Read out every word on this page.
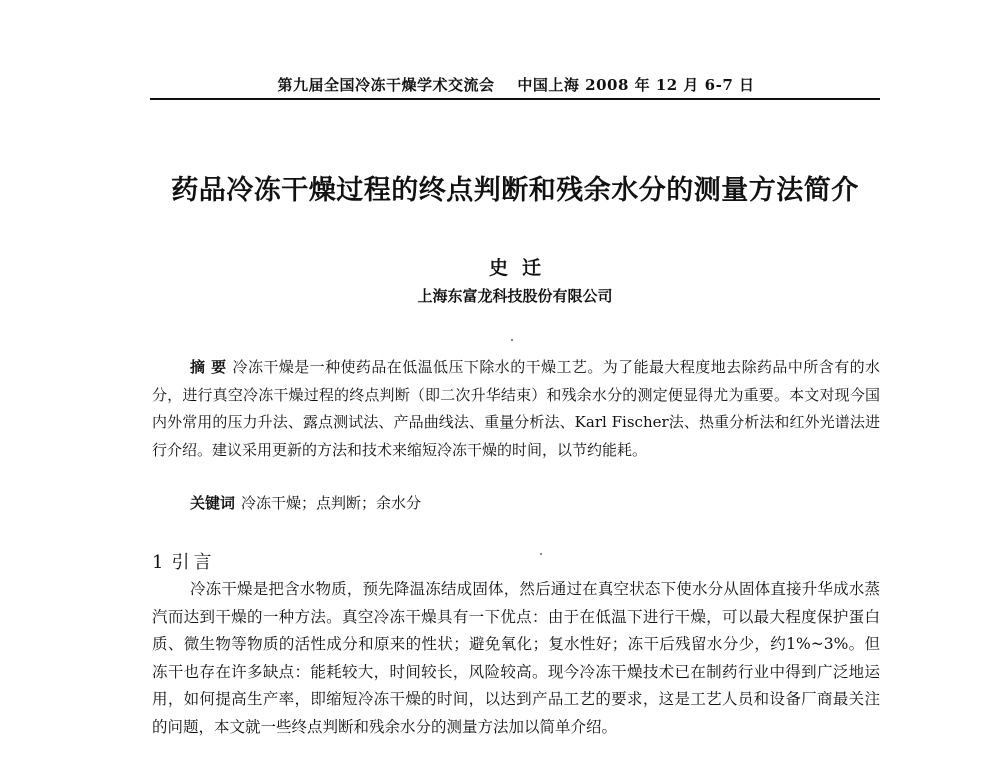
第九届全国冷冻干燥学术交流会 中国上海 2008 年 12 月 6-7 日
药品冷冻干燥过程的终点判断和残余水分的测量方法简介
史迁
上海东富龙科技股份有限公司

摘 要 冷冻干燥是一种使药品在低温低压下除水的干燥工艺。为了能最大程度地去除药品中所含有的水分，进行真空冷冻干燥过程的终点判断（即二次升华结束）和残余水分的测定便显得尤为重要。本文对现今国内外常用的压力升法、露点测试法、产品曲线法、重量分析法、Karl Fischer法、热重分析法和红外光谱法进行介绍。建议采用更新的方法和技术来缩短冷冻干燥的时间，以节约能耗。

关键词 冷冻干燥；点判断；余水分

1 引言

冷冻干燥是把含水物质，预先降温冻结成固体，然后通过在真空状态下使水分从固体直接升华成水蒸汽而达到干燥的一种方法。真空冷冻干燥具有一下优点：由于在低温下进行干燥，可以最大程度保护蛋白质、微生物等物质的活性成分和原来的性状；避免氧化；复水性好；冻干后残留水分少，约1%~3%。但冻干也存在许多缺点：能耗较大，时间较长，风险较高。现今冷冻干燥技术已在制药行业中得到广泛地运用，如何提高生产率，即缩短冷冻干燥的时间，以达到产品工艺的要求，这是工艺人员和设备厂商最关注的问题，本文就一些终点判断和残余水分的测量方法加以简单介绍。
